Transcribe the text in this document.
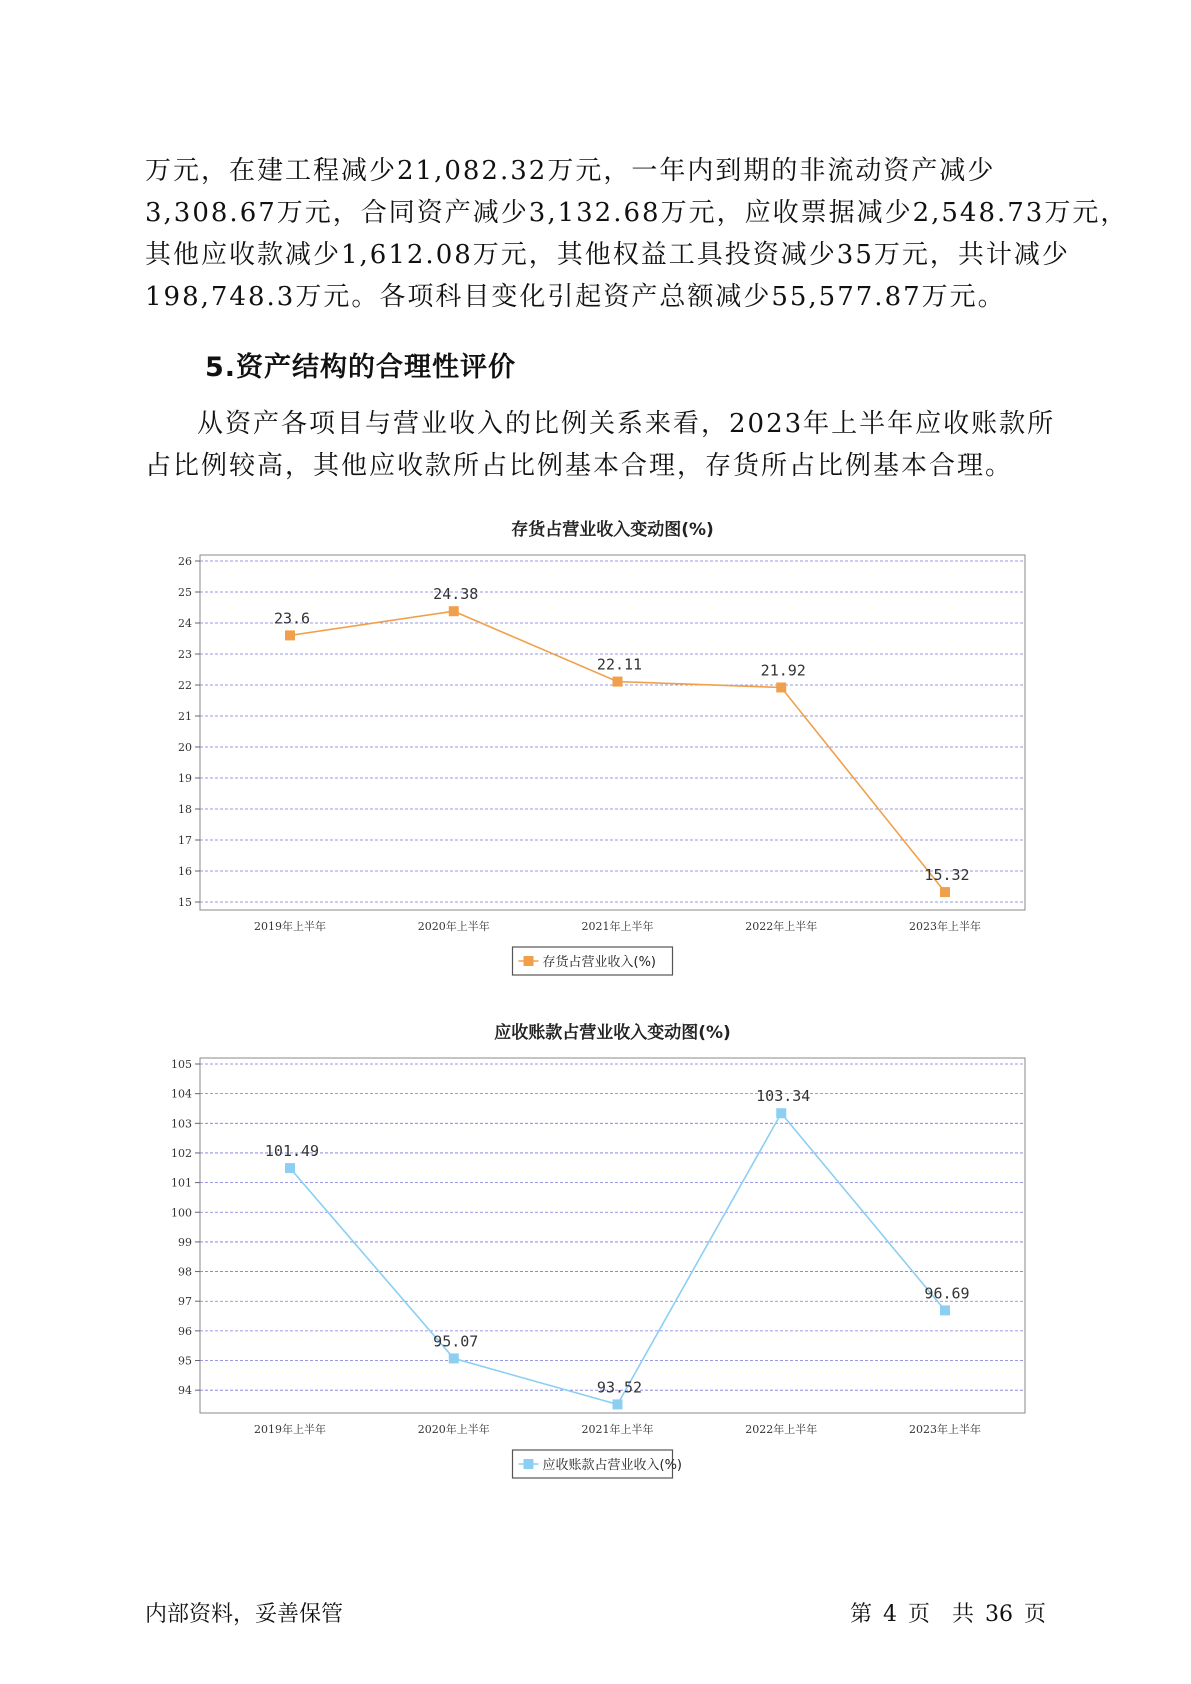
万元，在建工程减少21,082.32万元，一年内到期的非流动资产减少
3,308.67万元，合同资产减少3,132.68万元，应收票据减少2,548.73万元，
其他应收款减少1,612.08万元，其他权益工具投资减少35万元，共计减少
198,748.3万元。各项科目变化引起资产总额减少55,577.87万元。
5.资产结构的合理性评价
从资产各项目与营业收入的比例关系来看，2023年上半年应收账款所
占比例较高，其他应收款所占比例基本合理，存货所占比例基本合理。
存货占营业收入变动图(%)
15
16
17
18
19
20
21
22
23
24
25
26
2019年上半年	2020年上半年	2021年上半年	2022年上半年	2023年上半年
23.6
24.38
22.11	21.92
15.32
存货占营业收入(%)
应收账款占营业收入变动图(%)
94
95
96
97
98
99
100
101
102
103
104
105
2019年上半年	2020年上半年	2021年上半年	2022年上半年	2023年上半年
101.49
95.07
93.52
103.34
96.69
应收账款占营业收入(%)
内部资料，妥善保管	第 4 页　共 36 页
